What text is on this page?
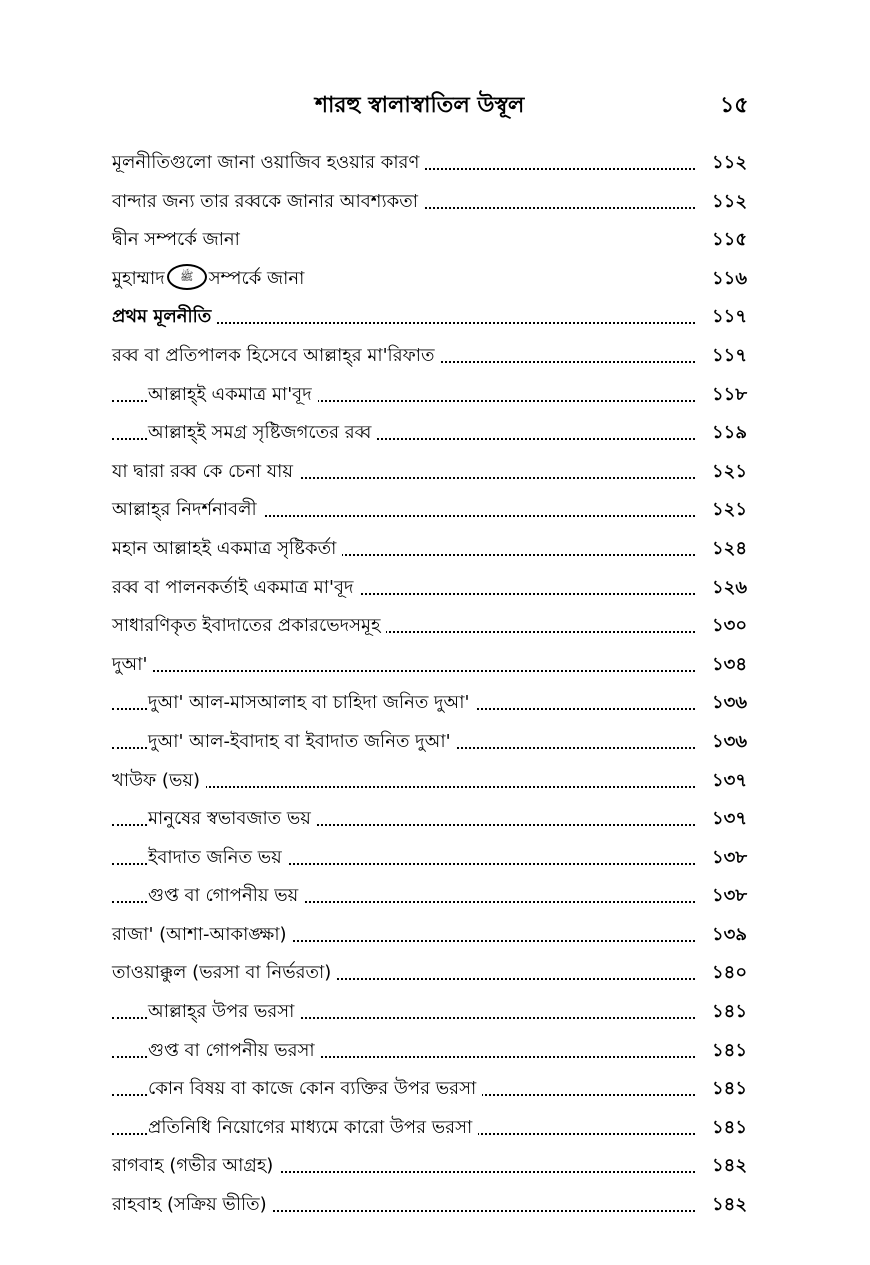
শারহু স্বালাস্বাতিল উস্বূল	১৫
মূলনীতিগুলো জানা ওয়াজিব হওয়ার কারণ	১১২
বান্দার জন্য তার রব্বকে জানার আবশ্যকতা	১১২
দ্বীন সম্পর্কে জানা	১১৫
মুহাম্মাদ ﷺ সম্পর্কে জানা	১১৬
প্রথম মূলনীতি	১১৭
রব্ব বা প্রতিপালক হিসেবে আল্লাহ্‌র মা'রিফাত	১১৭
আল্লাহ্‌ই একমাত্র মা'বূদ	১১৮
আল্লাহ্‌ই সমগ্র সৃষ্টিজগতের রব্ব	১১৯
যা দ্বারা রব্ব কে চেনা যায়	১২১
আল্লাহ্‌র নিদর্শনাবলী	১২১
মহান আল্লাহই একমাত্র সৃষ্টিকর্তা	১২৪
রব্ব বা পালনকর্তাই একমাত্র মা'বূদ	১২৬
সাধারণিকৃত ইবাদাতের প্রকারভেদসমূহ	১৩০
দুআ'	১৩৪
দুআ' আল-মাসআলাহ বা চাহিদা জনিত দুআ'	১৩৬
দুআ' আল-ইবাদাহ বা ইবাদাত জনিত দুআ'	১৩৬
খাউফ (ভয়)	১৩৭
মানুষের স্বভাবজাত ভয়	১৩৭
ইবাদাত জনিত ভয়	১৩৮
গুপ্ত বা গোপনীয় ভয়	১৩৮
রাজা' (আশা-আকাঙ্ক্ষা)	১৩৯
তাওয়াক্কুল (ভরসা বা নির্ভরতা)	১৪০
আল্লাহ্‌র উপর ভরসা	১৪১
গুপ্ত বা গোপনীয় ভরসা	১৪১
কোন বিষয় বা কাজে কোন ব্যক্তির উপর ভরসা	১৪১
প্রতিনিধি নিয়োগের মাধ্যমে কারো উপর ভরসা	১৪১
রাগবাহ (গভীর আগ্রহ)	১৪২
রাহবাহ (সক্রিয় ভীতি)	১৪২
